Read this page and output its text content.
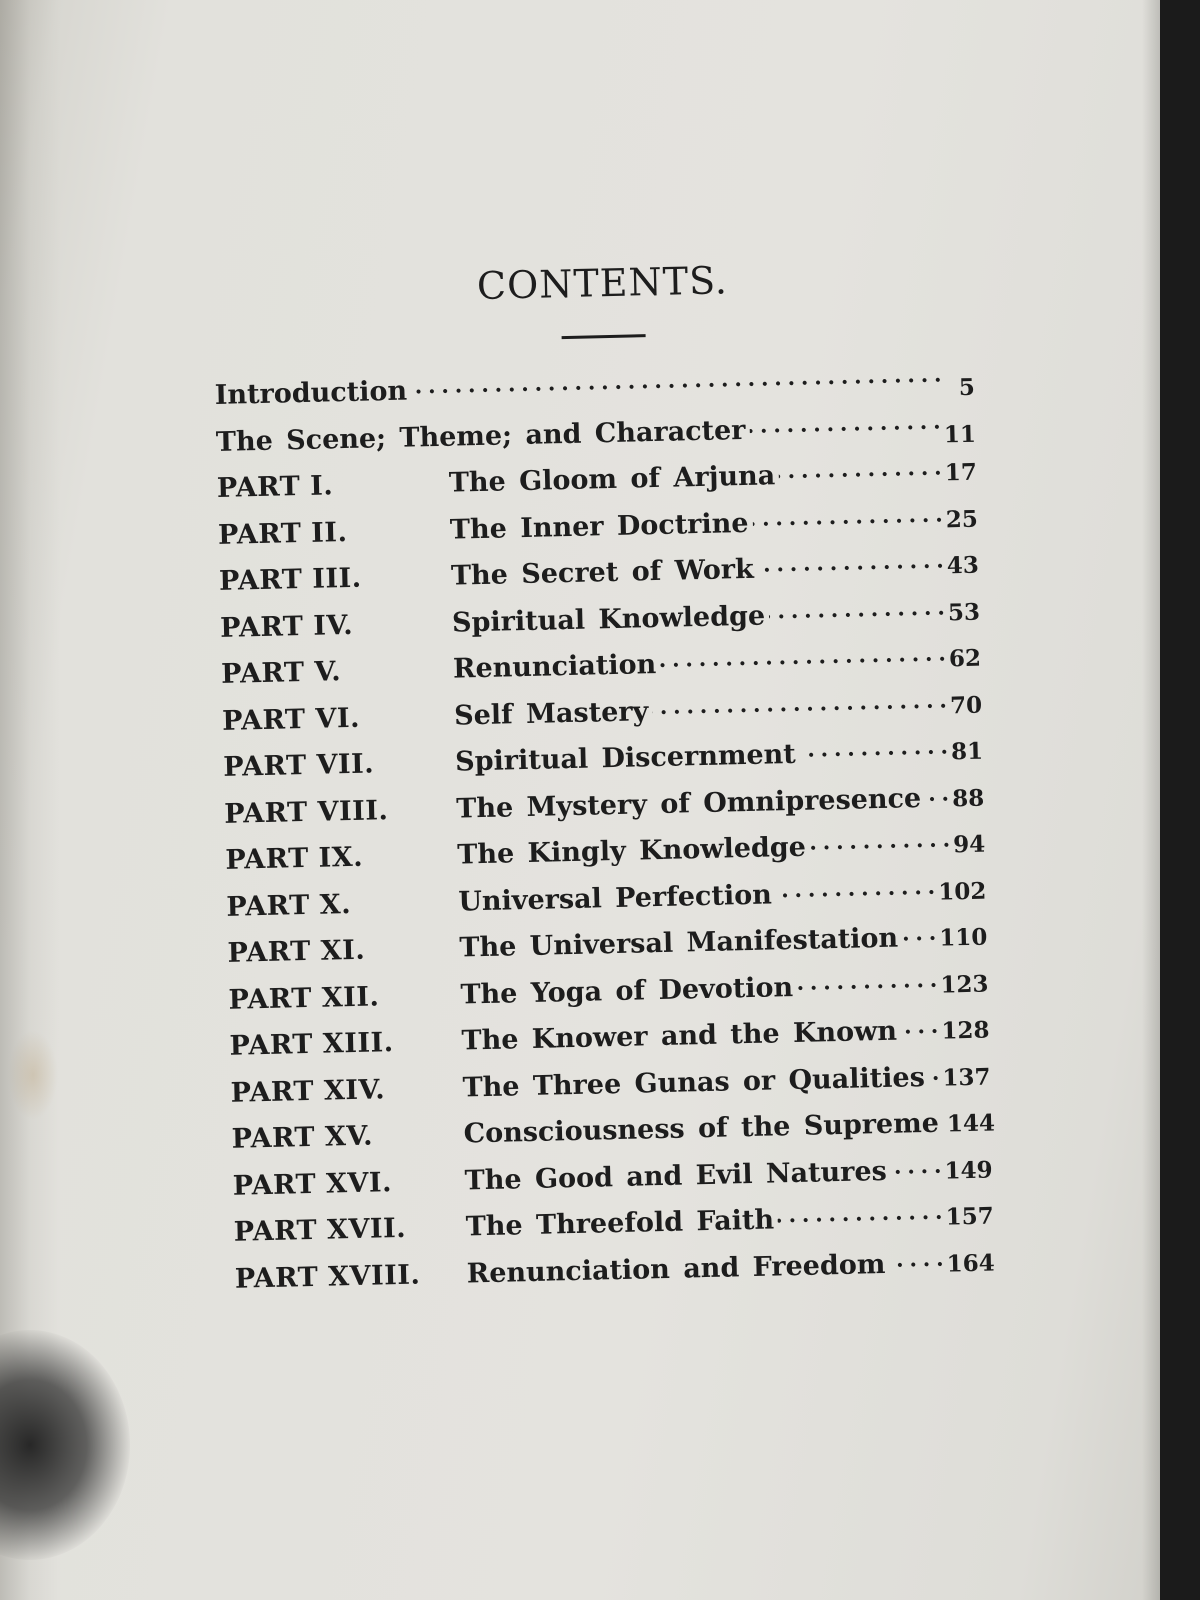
CONTENTS.
Introduction . . .	5
The Scene; Theme; and Character . . .	11
PART I.	The Gloom of Arjuna . . .	17
PART II.	The Inner Doctrine . . .	25
PART III.	The Secret of Work . . .	43
PART IV.	Spiritual Knowledge . . .	53
PART V.	Renunciation . . .	62
PART VI.	Self Mastery . . .	70
PART VII.	Spiritual Discernment . . .	81
PART VIII.	The Mystery of Omnipresence . . . 88
PART IX.	The Kingly Knowledge . . .	94
PART X.	Universal Perfection . . .	102
PART XI.	The Universal Manifestation . . . 110
PART XII.	The Yoga of Devotion . . .	123
PART XIII.	The Knower and the Known . . . 128
PART XIV.	The Three Gunas or Qualities . . . 137
PART XV.	Consciousness of the Supreme . . . 144
PART XVI.	The Good and Evil Natures . . . 149
PART XVII.	The Threefold Faith . . .	157
PART XVIII.	Renunciation and Freedom . . .	164
